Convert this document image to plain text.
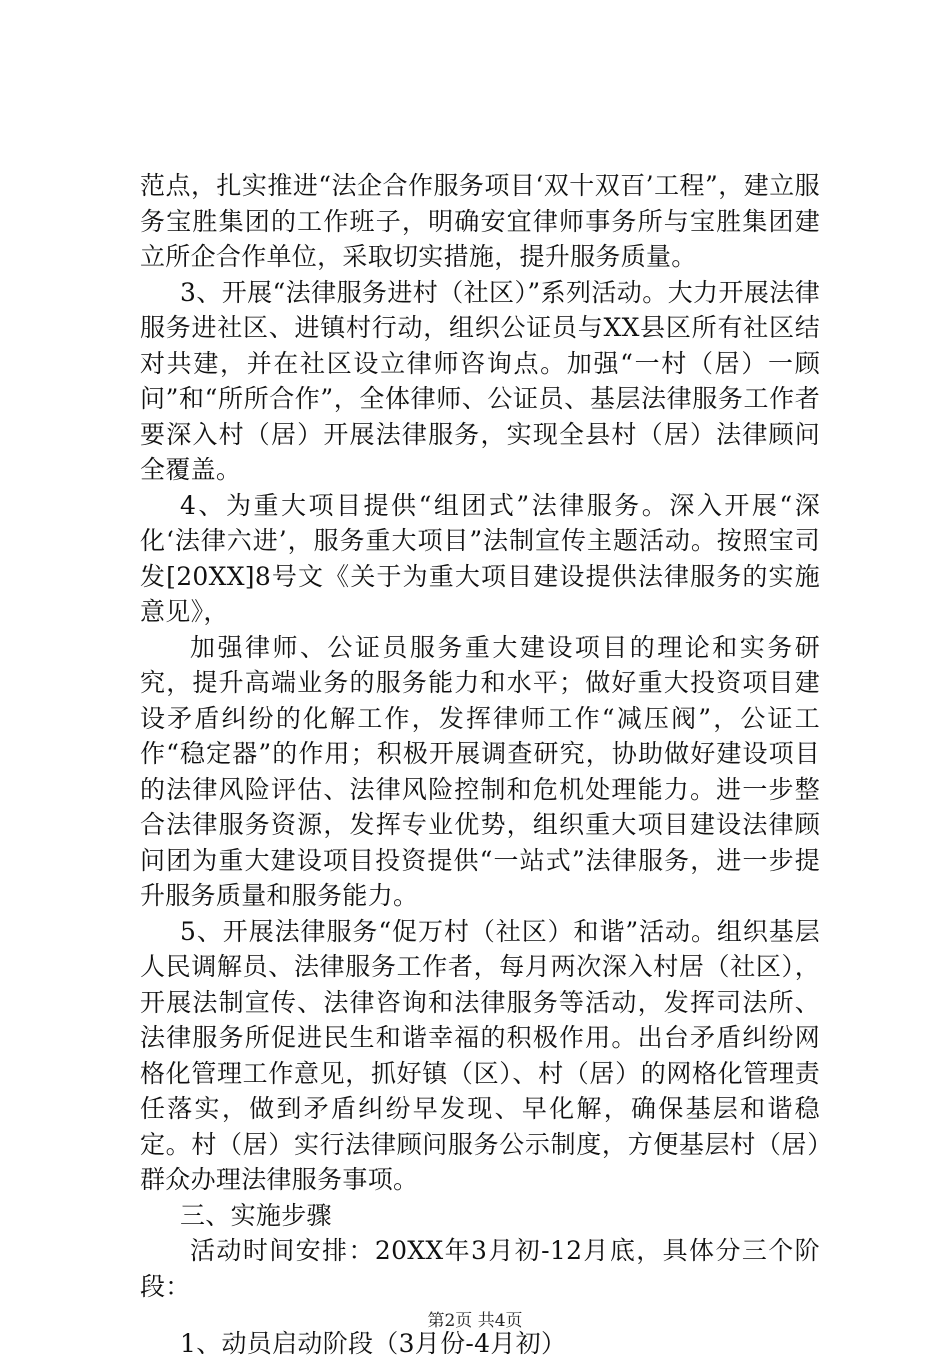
范点，扎实推进“法企合作服务项目‘双十双百’工程”，建立服务宝胜集团的工作班子，明确安宜律师事务所与宝胜集团建立所企合作单位，采取切实措施，提升服务质量。

3、开展“法律服务进村（社区）”系列活动。大力开展法律服务进社区、进镇村行动，组织公证员与XX县区所有社区结对共建，并在社区设立律师咨询点。加强“一村（居）一顾问”和“所所合作”，全体律师、公证员、基层法律服务工作者要深入村（居）开展法律服务，实现全县村（居）法律顾问全覆盖。

4、为重大项目提供“组团式”法律服务。深入开展“深化‘法律六进’，服务重大项目”法制宣传主题活动。按照宝司发[20XX]8号文《关于为重大项目建设提供法律服务的实施意见》，

加强律师、公证员服务重大建设项目的理论和实务研究，提升高端业务的服务能力和水平；做好重大投资项目建设矛盾纠纷的化解工作，发挥律师工作“减压阀”，公证工作“稳定器”的作用；积极开展调查研究，协助做好建设项目的法律风险评估、法律风险控制和危机处理能力。进一步整合法律服务资源，发挥专业优势，组织重大项目建设法律顾问团为重大建设项目投资提供“一站式”法律服务，进一步提升服务质量和服务能力。

5、开展法律服务“促万村（社区）和谐”活动。组织基层人民调解员、法律服务工作者，每月两次深入村居（社区），开展法制宣传、法律咨询和法律服务等活动，发挥司法所、法律服务所促进民生和谐幸福的积极作用。出台矛盾纠纷网格化管理工作意见，抓好镇（区）、村（居）的网格化管理责任落实，做到矛盾纠纷早发现、早化解，确保基层和谐稳定。村（居）实行法律顾问服务公示制度，方便基层村（居）群众办理法律服务事项。

三、实施步骤

活动时间安排：20XX年3月初-12月底，具体分三个阶段：

1、动员启动阶段（3月份-4月初）

第2页 共4页
